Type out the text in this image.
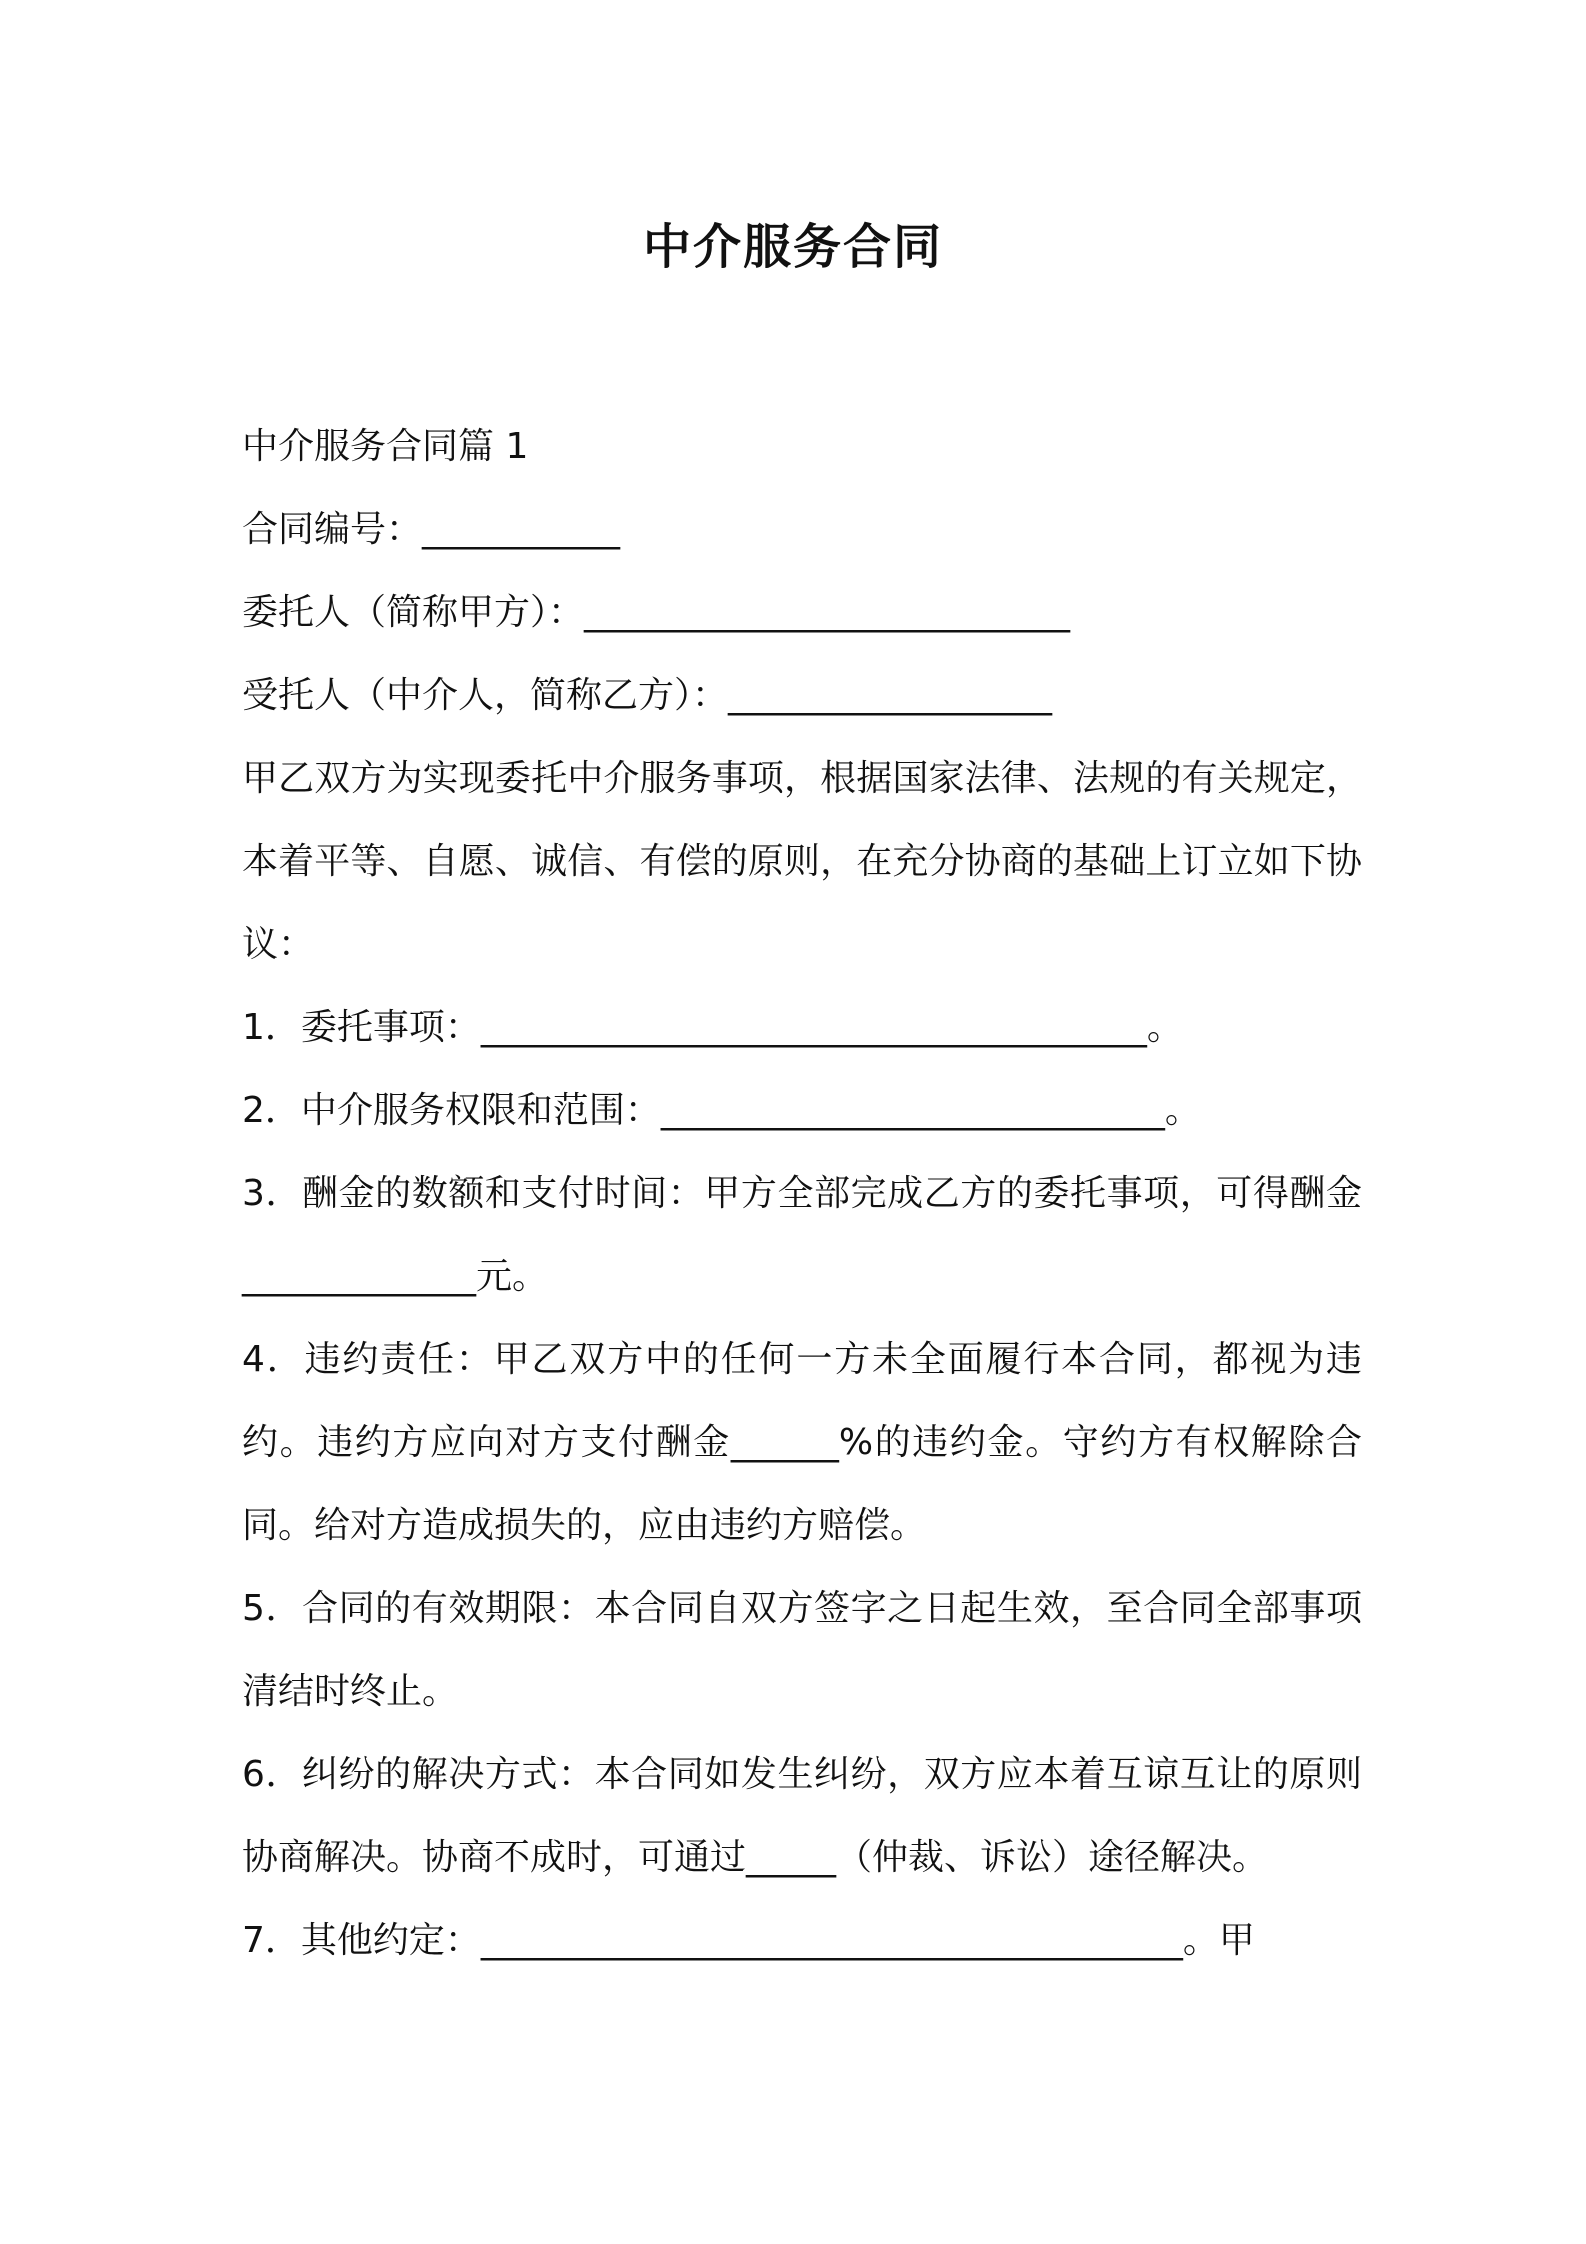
中介服务合同
中介服务合同篇 1
合同编号：___________
委托人（简称甲方）：___________________________
受托人（中介人，简称乙方）：__________________
甲乙双方为实现委托中介服务事项，根据国家法律、法规的有关规定，本着平等、自愿、诚信、有偿的原则，在充分协商的基础上订立如下协议：
1．委托事项：_____________________________________。
2．中介服务权限和范围：____________________________。
3．酬金的数额和支付时间：甲方全部完成乙方的委托事项，可得酬金_____________元。
4．违约责任：甲乙双方中的任何一方未全面履行本合同，都视为违约。违约方应向对方支付酬金______%的违约金。守约方有权解除合同。给对方造成损失的，应由违约方赔偿。
5．合同的有效期限：本合同自双方签字之日起生效，至合同全部事项清结时终止。
6．纠纷的解决方式：本合同如发生纠纷，双方应本着互谅互让的原则协商解决。协商不成时，可通过_____（仲裁、诉讼）途径解决。
7．其他约定：_______________________________________。甲
